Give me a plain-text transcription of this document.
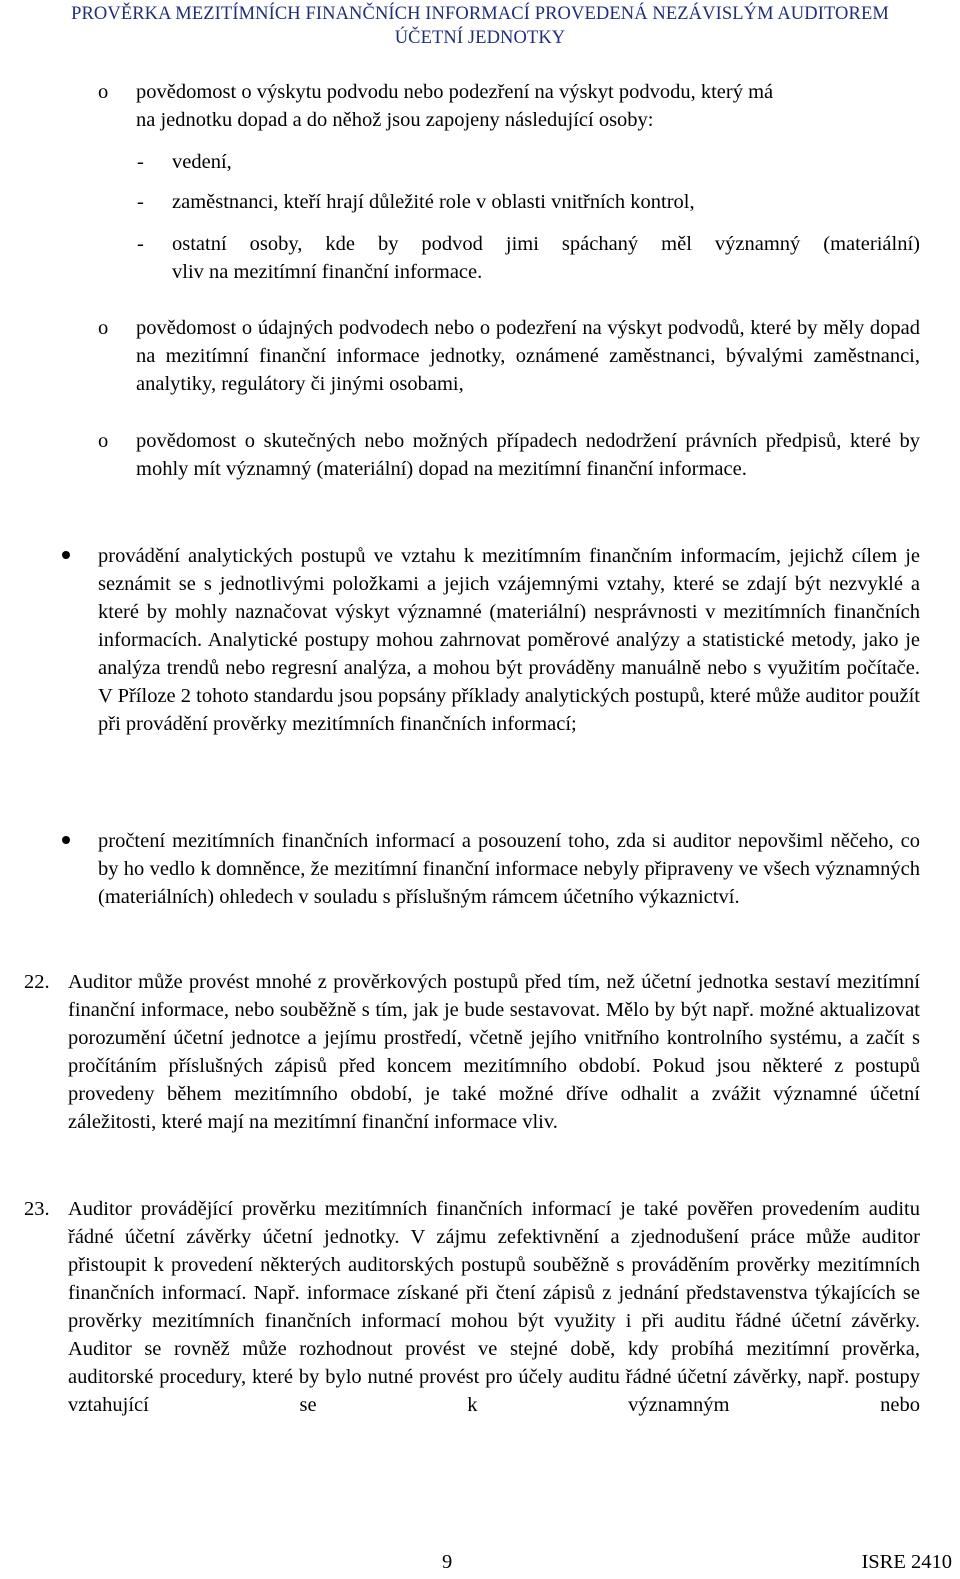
PROVĚRKA MEZITÍMNÍCH FINANČNÍCH INFORMACÍ PROVEDENÁ NEZÁVISLÝM AUDITOREM
ÚČETNÍ JEDNOTKY
o povědomost o výskytu podvodu nebo podezření na výskyt podvodu, který má
na jednotku dopad a do něhož jsou zapojeny následující osoby:
- vedení,
- zaměstnanci, kteří hrají důležité role v oblasti vnitřních kontrol,
- ostatní osoby, kde by podvod jimi spáchaný měl významný (materiální)
vliv na mezitímní finanční informace.
o povědomost o údajných podvodech nebo o podezření na výskyt podvodů, které by měly dopad na mezitímní finanční informace jednotky, oznámené zaměstnanci, bývalými zaměstnanci, analytiky, regulátory či jinými osobami,
o povědomost o skutečných nebo možných případech nedodržení právních předpisů, které by mohly mít významný (materiální) dopad na mezitímní finanční informace.
provádění analytických postupů ve vztahu k mezitímním finančním informacím, jejichž cílem je seznámit se s jednotlivými položkami a jejich vzájemnými vztahy, které se zdají být nezvyklé a které by mohly naznačovat výskyt významné (materiální) nesprávnosti v mezitímních finančních informacích. Analytické postupy mohou zahrnovat poměrové analýzy a statistické metody, jako je analýza trendů nebo regresní analýza, a mohou být prováděny manuálně nebo s využitím počítače. V Příloze 2 tohoto standardu jsou popsány příklady analytických postupů, které může auditor použít při provádění prověrky mezitímních finančních informací;
pročtení mezitímních finančních informací a posouzení toho, zda si auditor nepovšiml něčeho, co by ho vedlo k domněnce, že mezitímní finanční informace nebyly připraveny ve všech významných (materiálních) ohledech v souladu s příslušným rámcem účetního výkaznictví.
22. Auditor může provést mnohé z prověrkových postupů před tím, než účetní jednotka sestaví mezitímní finanční informace, nebo souběžně s tím, jak je bude sestavovat. Mělo by být např. možné aktualizovat porozumění účetní jednotce a jejímu prostředí, včetně jejího vnitřního kontrolního systému, a začít s pročítáním příslušných zápisů před koncem mezitímního období. Pokud jsou některé z postupů provedeny během mezitímního období, je také možné dříve odhalit a zvážit významné účetní záležitosti, které mají na mezitímní finanční informace vliv.
23. Auditor provádějící prověrku mezitímních finančních informací je také pověřen provedením auditu řádné účetní závěrky účetní jednotky. V zájmu zefektivnění a zjednodušení práce může auditor přistoupit k provedení některých auditorských postupů souběžně s prováděním prověrky mezitímních finančních informací. Např. informace získané při čtení zápisů z jednání představenstva týkajících se prověrky mezitímních finančních informací mohou být využity i při auditu řádné účetní závěrky. Auditor se rovněž může rozhodnout provést ve stejné době, kdy probíhá mezitímní prověrka, auditorské procedury, které by bylo nutné provést pro účely auditu řádné účetní závěrky, např. postupy vztahující se k významným nebo
9	ISRE 2410
